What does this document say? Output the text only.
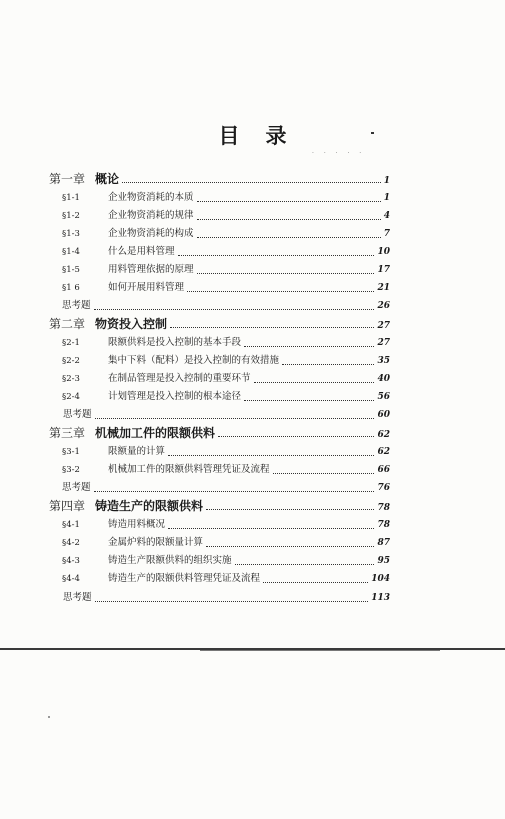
目录
· · · · ·
第一章 概论	1
§1-1	企业物资消耗的本质	1
§1-2	企业物资消耗的规律	4
§1-3	企业物资消耗的构成	7
§1-4	什么是用料管理	10
§1-5	用料管理依据的原理	17
§1 6	如何开展用料管理	21
思考题	26
第二章 物资投入控制	27
§2-1	限额供料是投入控制的基本手段	27
§2-2	集中下料（配料）是投入控制的有效措施	35
§2-3	在制品管理是投入控制的重要环节	40
§2-4	计划管理是投入控制的根本途径	56
思考题	60
第三章 机械加工件的限额供料	62
§3-1	限额量的计算	62
§3-2	机械加工件的限额供料管理凭证及流程	66
思考题	76
第四章 铸造生产的限额供料	78
§4-1	铸造用料概况	78
§4-2	金属炉料的限额量计算	87
§4-3	铸造生产限额供料的组织实施	95
§4-4	铸造生产的限额供料管理凭证及流程	104
思考题	113
